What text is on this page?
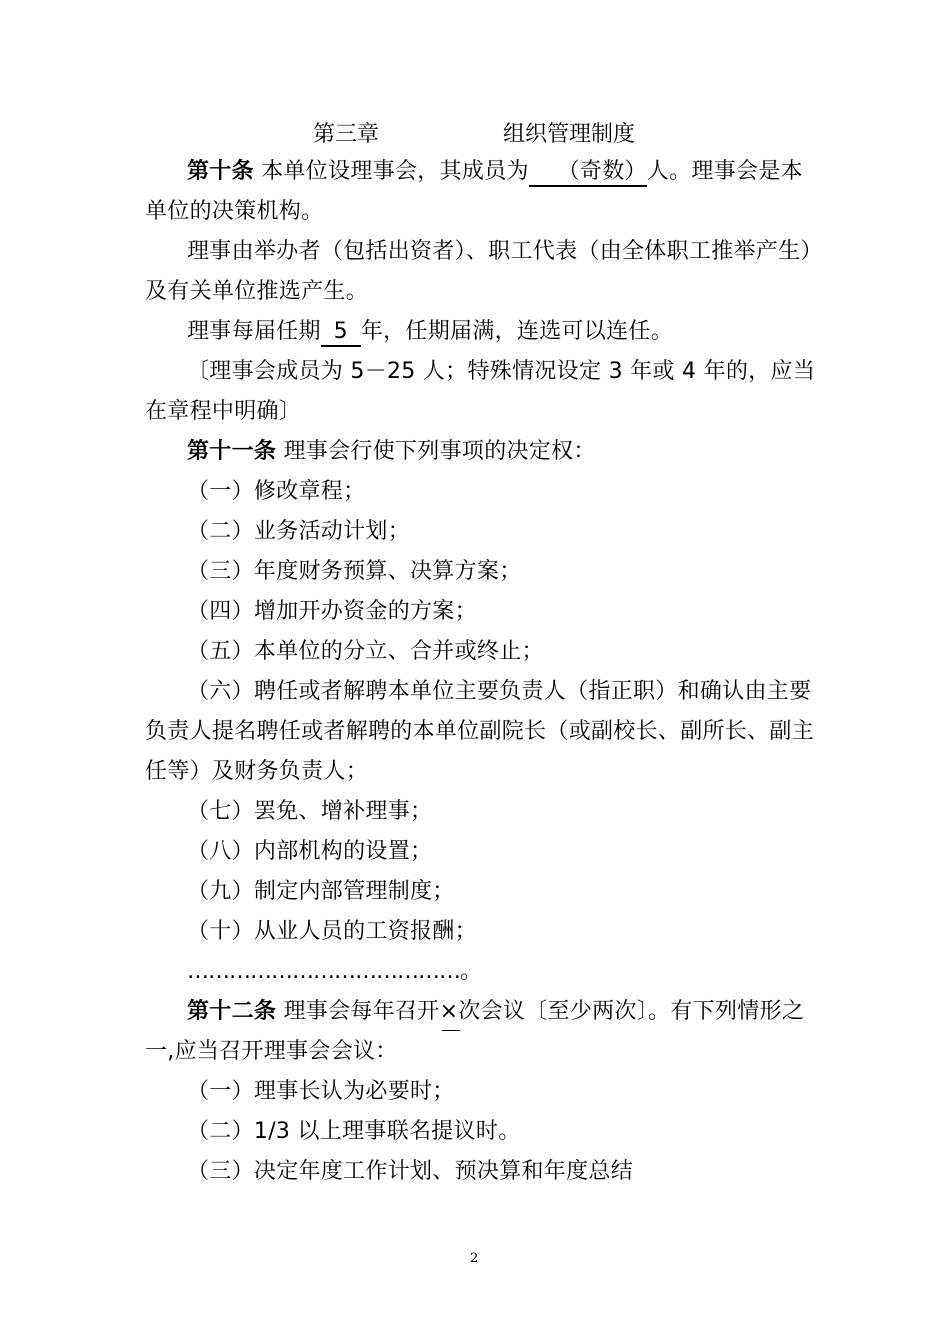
第三章	组织管理制度
第十条 本单位设理事会，其成员为 （奇数）人。理事会是本
单位的决策机构。
理事由举办者（包括出资者）、职工代表（由全体职工推举产生）
及有关单位推选产生。
理事每届任期 5 年，任期届满，连选可以连任。
〔理事会成员为 5－25 人；特殊情况设定 3 年或 4 年的，应当
在章程中明确〕
第十一条 理事会行使下列事项的决定权：
（一）修改章程；
（二）业务活动计划；
（三）年度财务预算、决算方案；
（四）增加开办资金的方案；
（五）本单位的分立、合并或终止；
（六）聘任或者解聘本单位主要负责人（指正职）和确认由主要
负责人提名聘任或者解聘的本单位副院长（或副校长、副所长、副主
任等）及财务负责人；
（七）罢免、增补理事；
（八）内部机构的设置；
（九）制定内部管理制度；
（十）从业人员的工资报酬；
…………………………………。
第十二条 理事会每年召开×次会议〔至少两次〕。有下列情形之
一,应当召开理事会会议：
（一）理事长认为必要时；
（二）1/3 以上理事联名提议时。
（三）决定年度工作计划、预决算和年度总结
2
